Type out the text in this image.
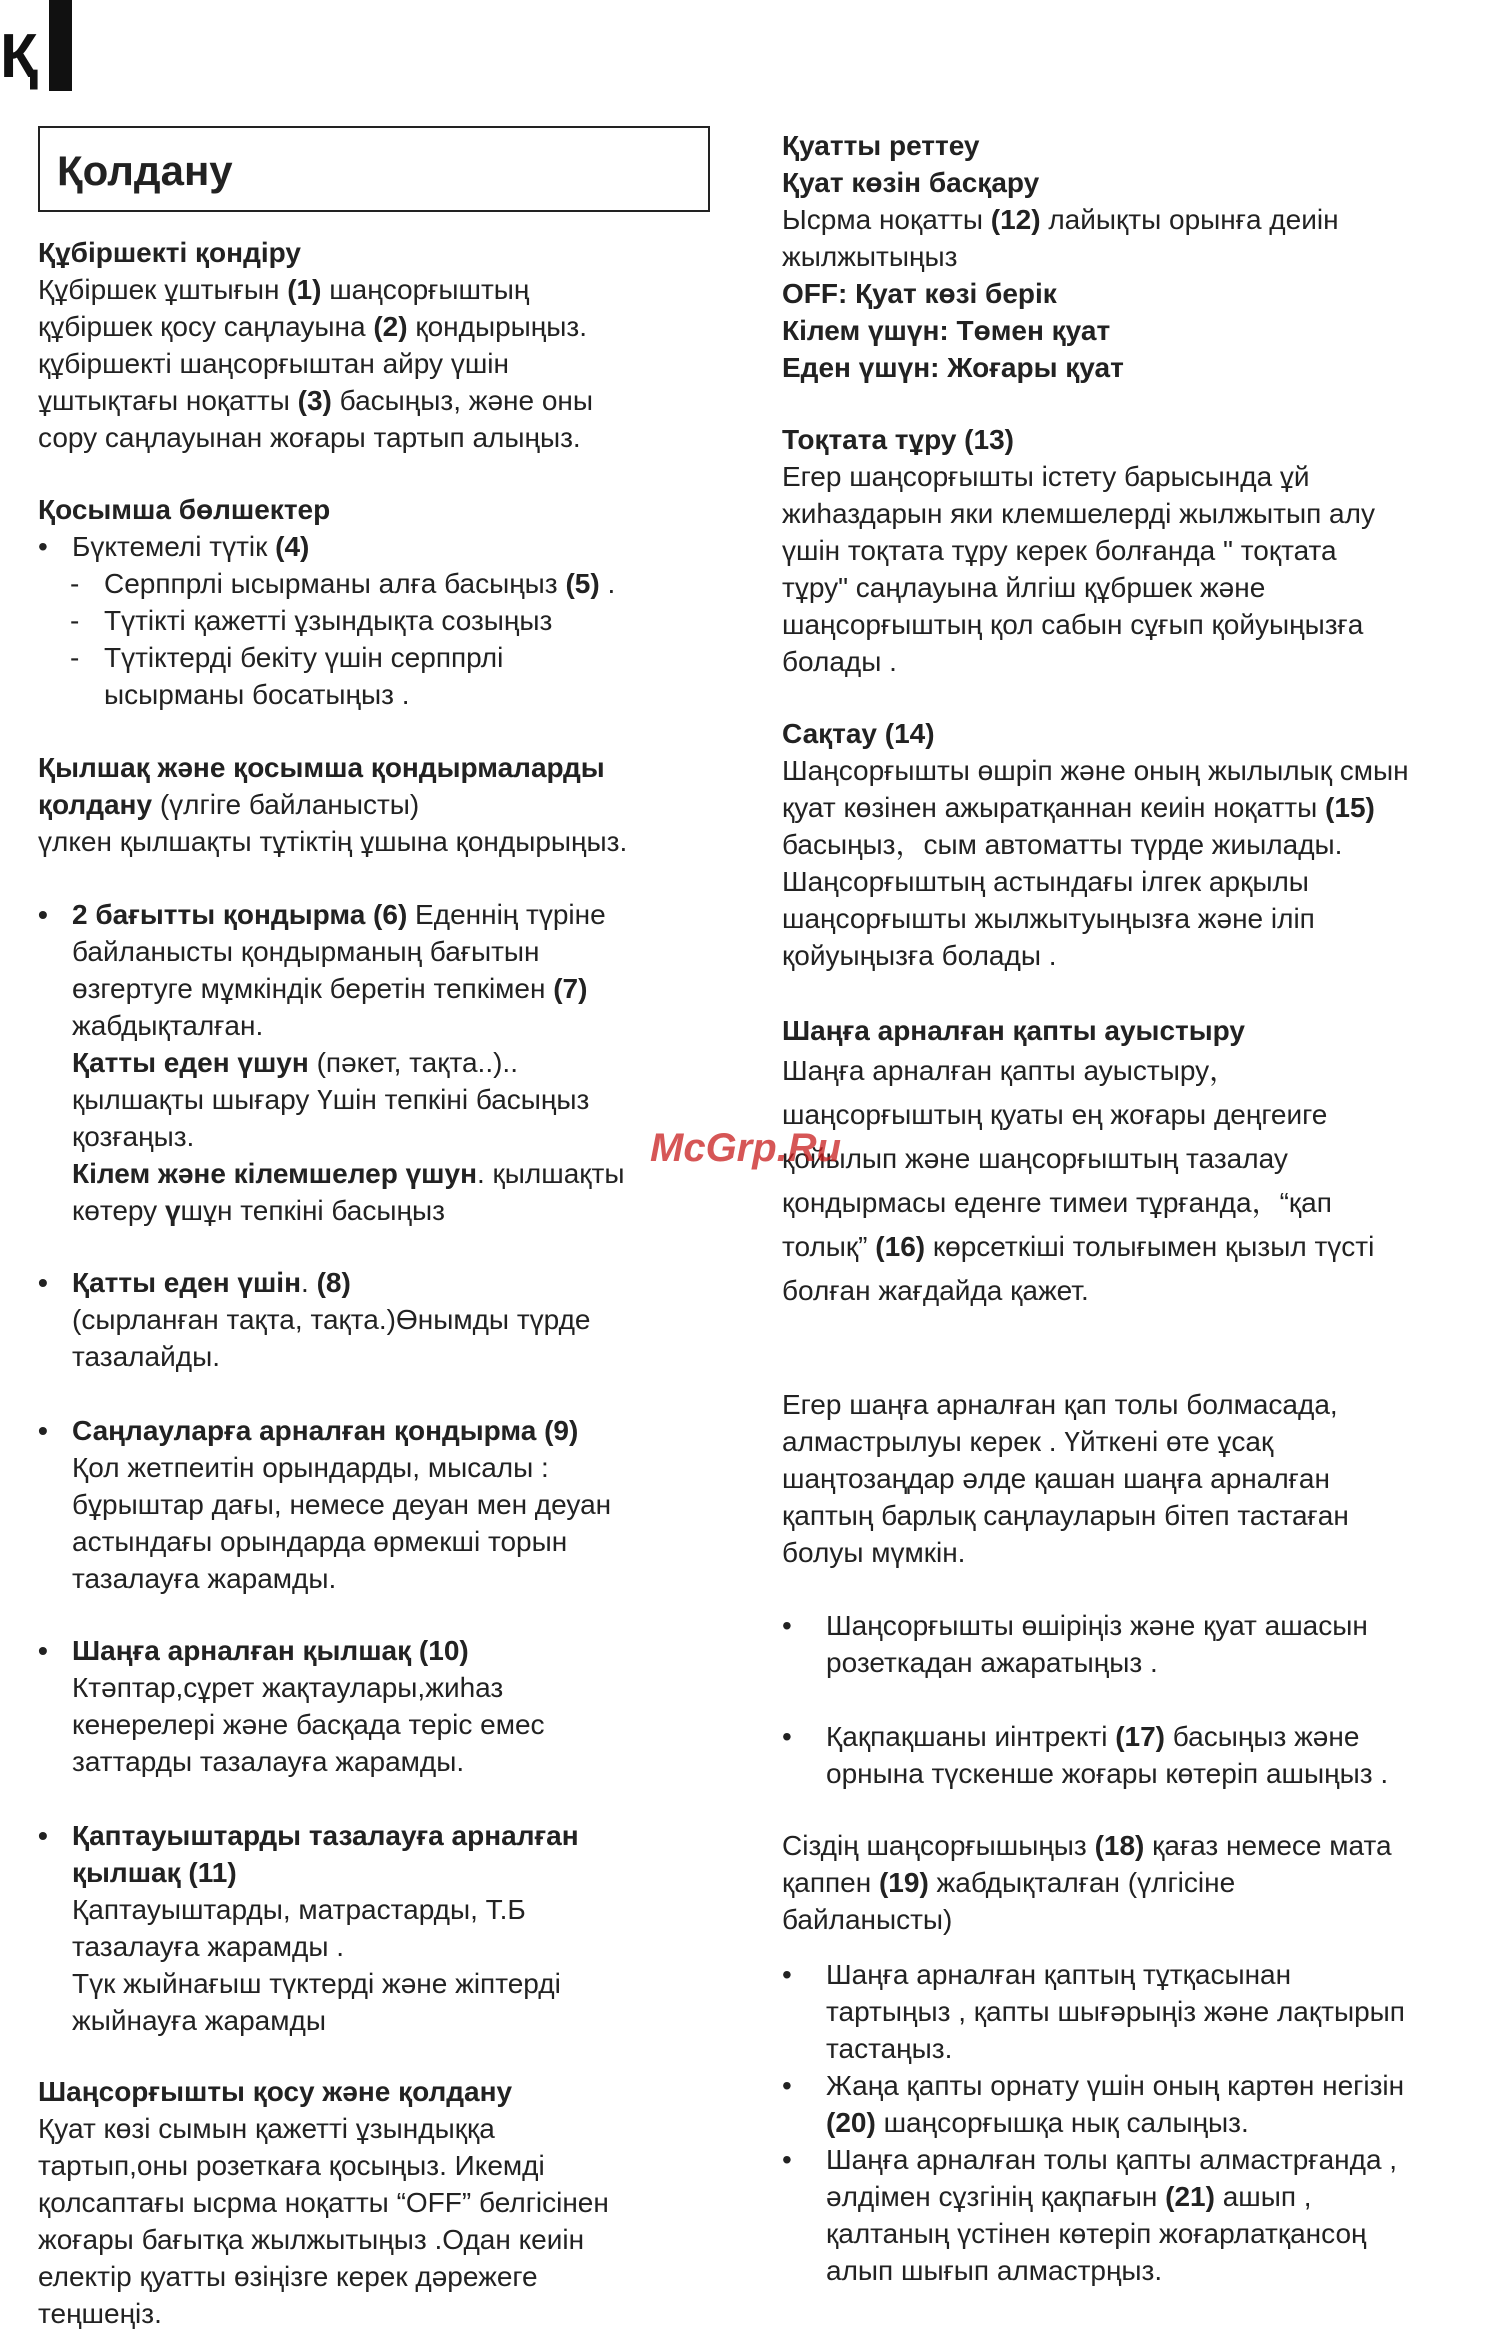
Қ
Қолдану
Құбіршекті қондіру
Құбіршек ұштығын (1) шаңсорғыштың
құбіршек қосу саңлауына (2) қондырыңыз.
құбіршекті шаңсорғыштан айру үшін
ұштықтағы ноқатты (3) басыңыз, және оны
сору саңлауынан жоғары тартып алыңыз.
Қосымша бөлшектер
• Бүктемелі түтік (4)
- Серппрлі ысырманы алға басыңыз (5) .
- Түтікті қажетті ұзындықта созыңыз
- Түтіктерді бекіту үшін серппрлі
ысырманы босатыңыз .
Қылшақ және қосымша қондырмаларды
қолдану (үлгіге байланысты)
үлкен қылшақты тұтіктің ұшына қондырыңыз.
• 2 бағытты қондырма (6) Еденнің түріне
байланысты қондырманың бағытын
өзгертуге мұмкіндік беретін тепкімен (7)
жабдықталған.
Қатты еден үшун (пәкет, тақта..)..
қылшақты шығару Үшін тепкіні басыңыз
қозғаңыз.
Кілем және кілемшелер үшун. қылшақты
көтеру үшұн тепкіні басыңыз
• Қатты еден үшін. (8)
(сырланған тақта, тақта.)Өнымды түрде
тазалайды.
• Саңлауларға арналған қондырма (9)
Қол жетпеитін орындарды, мысалы :
бұрыштар дағы, немесе деуан мен деуан
астындағы орындарда өрмекші торын
тазалауға жарамды.
• Шаңға арналған қылшақ (10)
Ктәптар,сұрет жақтаулары,жиһаз
кенерелері және басқада теріс емес
заттарды тазалауға жарамды.
• Қаптауыштарды тазалауға арналған
қылшақ (11)
Қаптауыштарды, матрастарды, Т.Б
тазалауға жарамды .
Түк жыйнағыш түктерді және жіптерді
жыйнауға жарамды
Шаңсорғышты қосу және қолдану
Қуат көзі сымын қажетті ұзындыққа
тартып,оны розеткаға қосыңыз. Икемді
қолсаптағы ысрма ноқатты “OFF” белгісінен
жоғары бағытқа жылжытыңыз .Одан кеиін
електір қуатты өзіңізге керек дәрежеге
теңшеңіз.
Қуатты реттеу
Қуат көзін басқару
Ысрма ноқатты (12) лайықты орынға деиін
жылжытыңыз
OFF: Қуат көзі берік
Кілем үшүн: Төмен қуат
Еден үшүн: Жоғары қуат
Тоқтата тұру (13)
Егер шаңсорғышты істету барысында ұй
жиһаздарын яки клемшелерді жылжытып алу
үшін тоқтата тұру керек болғанда " тоқтата
тұру" саңлауына йлгіш құбршек және
шаңсорғыштың қол сабын сұғып қойуыңызға
болады .
Сақтау (14)
Шаңсорғышты өшріп және оның жылылық смын
қуат көзінен ажыратқаннан кеиін ноқатты (15)
басыңыз，сым автоматты түрде жиылады.
Шаңсорғыштың астындағы ілгек арқылы
шаңсорғышты жылжытуыңызға және іліп
қойуыңызға болады .
Шаңға арналған қапты ауыстыру
Шаңға арналған қапты ауыстыру，
шаңсорғыштың қуаты ең жоғары деңгеиге
қойылып және шаңсорғыштың тазалау
қондырмасы еденге тимеи тұрғанда，“қап
толық” (16) көрсеткіші толығымен қызыл түсті
болған жағдайда қажет.
Егер шаңға арналған қап толы болмасада,
алмастрылуы керек . Үйткені өте ұсақ
шаңтозаңдар әлде қашан шаңға арналған
қаптың барлық саңлауларын бітеп тастаған
болуы мүмкін.
• Шаңсорғышты өшіріңіз және қуат ашасын
розеткадан ажаратыңыз .
• Қақпақшаны иінтректі (17) басыңыз және
орнына түскенше жоғары көтеріп ашыңыз .
Сіздің шаңсорғышыңыз (18) қағаз немесе мата
қаппен (19) жабдықталған (үлгісіне
байланысты)
• Шаңға арналған қаптың тұтқасынан
тартыңыз , қапты шығәрыңіз және лақтырып
тастаңыз.
• Жаңа қапты орнату үшін оның картөн негізін
(20) шаңсорғышқа нық салыңыз.
• Шаңға арналған толы қапты алмастрғанда ,
әлдімен сұзгінің қақпағын (21) ашып ,
қалтаның үстінен көтеріп жоғарлатқансоң
алып шығып алмастрңыз.
McGrp.Ru
